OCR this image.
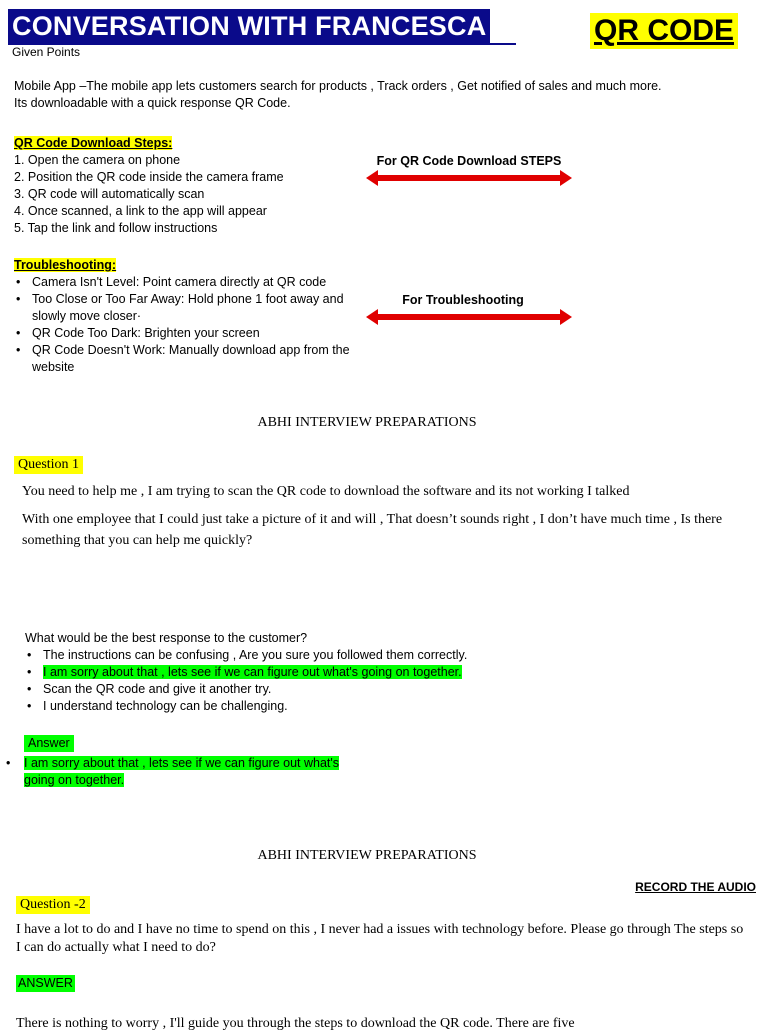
CONVERSATION WITH FRANCESCA	QR CODE
Given Points
Mobile App –The mobile app lets customers search for products , Track orders , Get notified of sales and much more.
Its downloadable with a quick response QR Code.
QR Code Download Steps:
1. Open the camera on phone
2. Position the QR code inside the camera frame
3. QR code will automatically scan
4. Once scanned, a link to the app will appear
5. Tap the link and follow instructions
For QR Code Download STEPS
Troubleshooting:
• Camera Isn't Level: Point camera directly at QR code
• Too Close or Too Far Away: Hold phone 1 foot away and slowly move closer·
• QR Code Too Dark: Brighten your screen
• QR Code Doesn't Work: Manually download app from the website
For Troubleshooting
ABHI INTERVIEW PREPARATIONS
Question 1
You need to help me , I am trying to scan the QR code to download the software and its not working I talked
With one employee that I could just take a picture of it and will , That doesn’t sounds right , I don’t have much time , Is there something that you can help me quickly?
What would be the best response to the customer?
• The instructions can be confusing , Are you sure you followed them correctly.
• I am sorry about that , lets see if we can figure out what's going on together.
• Scan the QR code and give it another try.
• I understand technology can be challenging.
Answer
• I am sorry about that , lets see if we can figure out what's
going on together.
ABHI INTERVIEW PREPARATIONS
RECORD THE AUDIO
Question -2
I have a lot to do and I have no time to spend on this , I never had a issues with technology before. Please go through The steps so I can do actually what I need to do?
ANSWER
There is nothing to worry , I'll guide you through the steps to download the QR code. There are five
